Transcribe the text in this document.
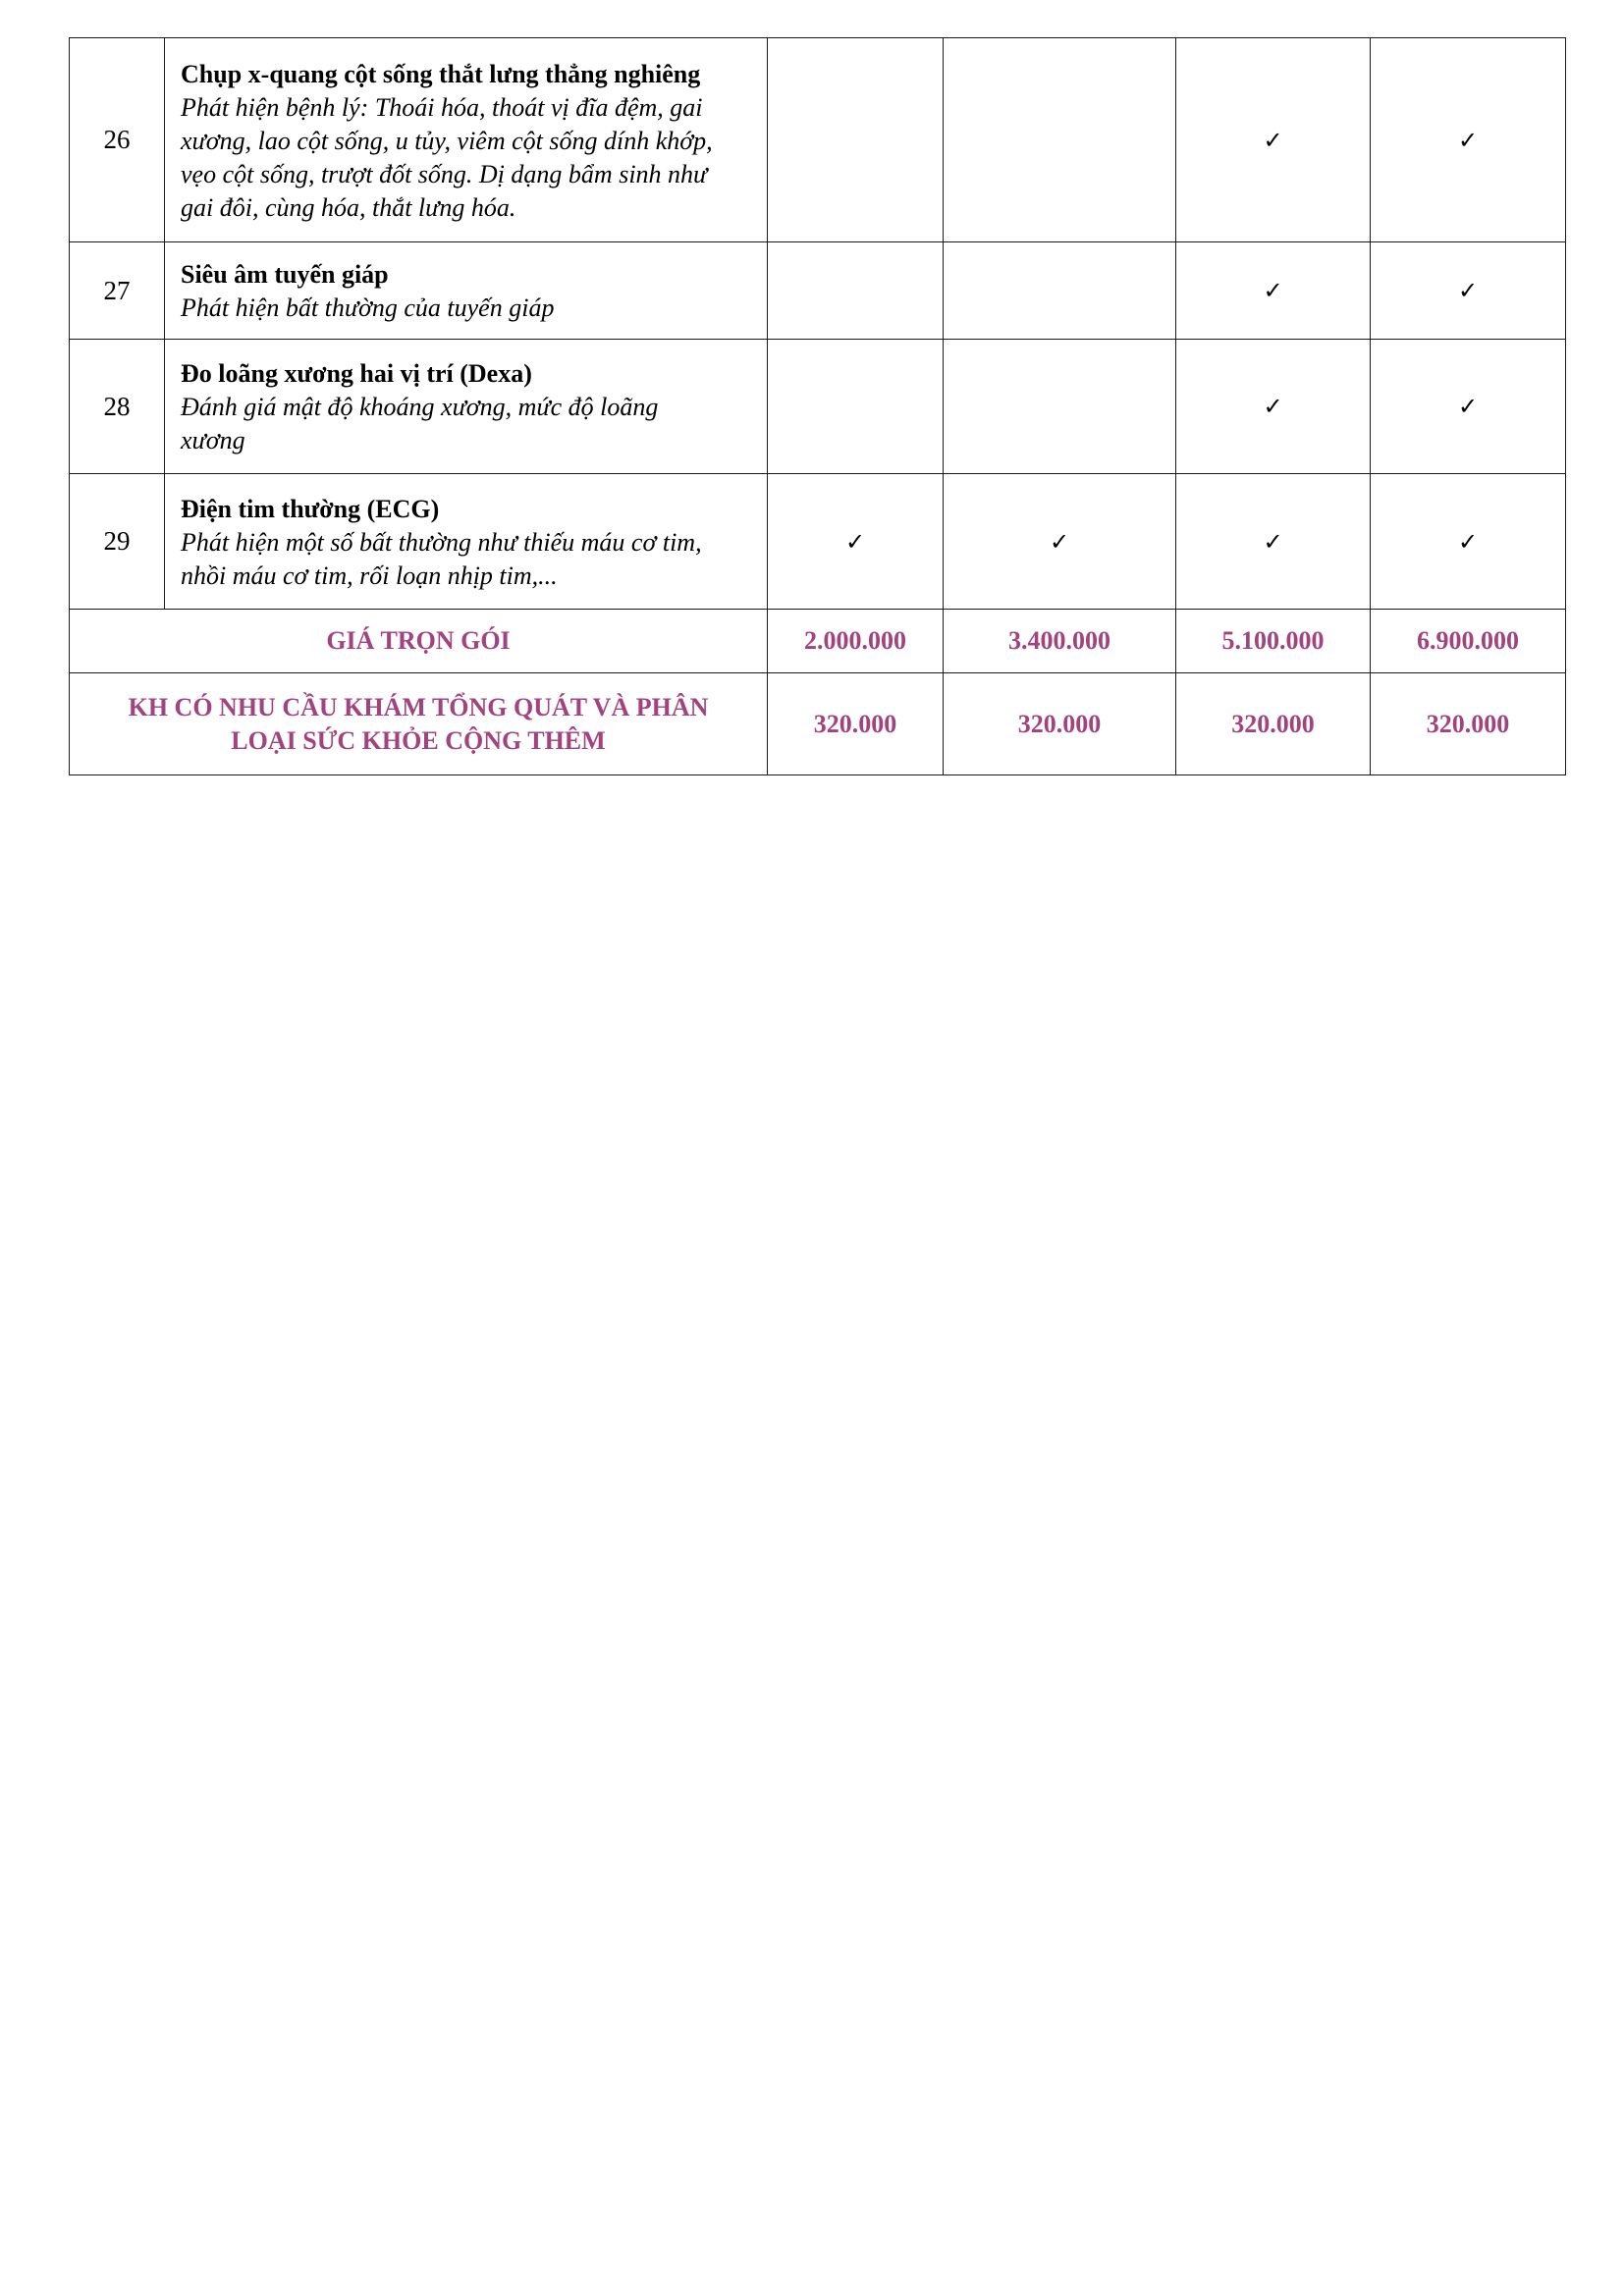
26	Chụp x-quang cột sống thắt lưng thẳng nghiêng
Phát hiện bệnh lý: Thoái hóa, thoát vị đĩa đệm, gai
xương, lao cột sống, u tủy, viêm cột sống dính khớp,
vẹo cột sống, trượt đốt sống. Dị dạng bẩm sinh như
gai đôi, cùng hóa, thắt lưng hóa.			✓	✓
27	Siêu âm tuyến giáp
Phát hiện bất thường của tuyến giáp			✓	✓
28	Đo loãng xương hai vị trí (Dexa)
Đánh giá mật độ khoáng xương, mức độ loãng
xương			✓	✓
29	Điện tim thường (ECG)
Phát hiện một số bất thường như thiếu máu cơ tim,
nhồi máu cơ tim, rối loạn nhịp tim,...	✓	✓	✓	✓
GIÁ TRỌN GÓI		2.000.000	3.400.000	5.100.000	6.900.000

KH CÓ NHU CẦU KHÁM TỔNG QUÁT VÀ PHÂN
LOẠI SỨC KHỎE CỘNG THÊM		320.000	320.000	320.000	320.000
